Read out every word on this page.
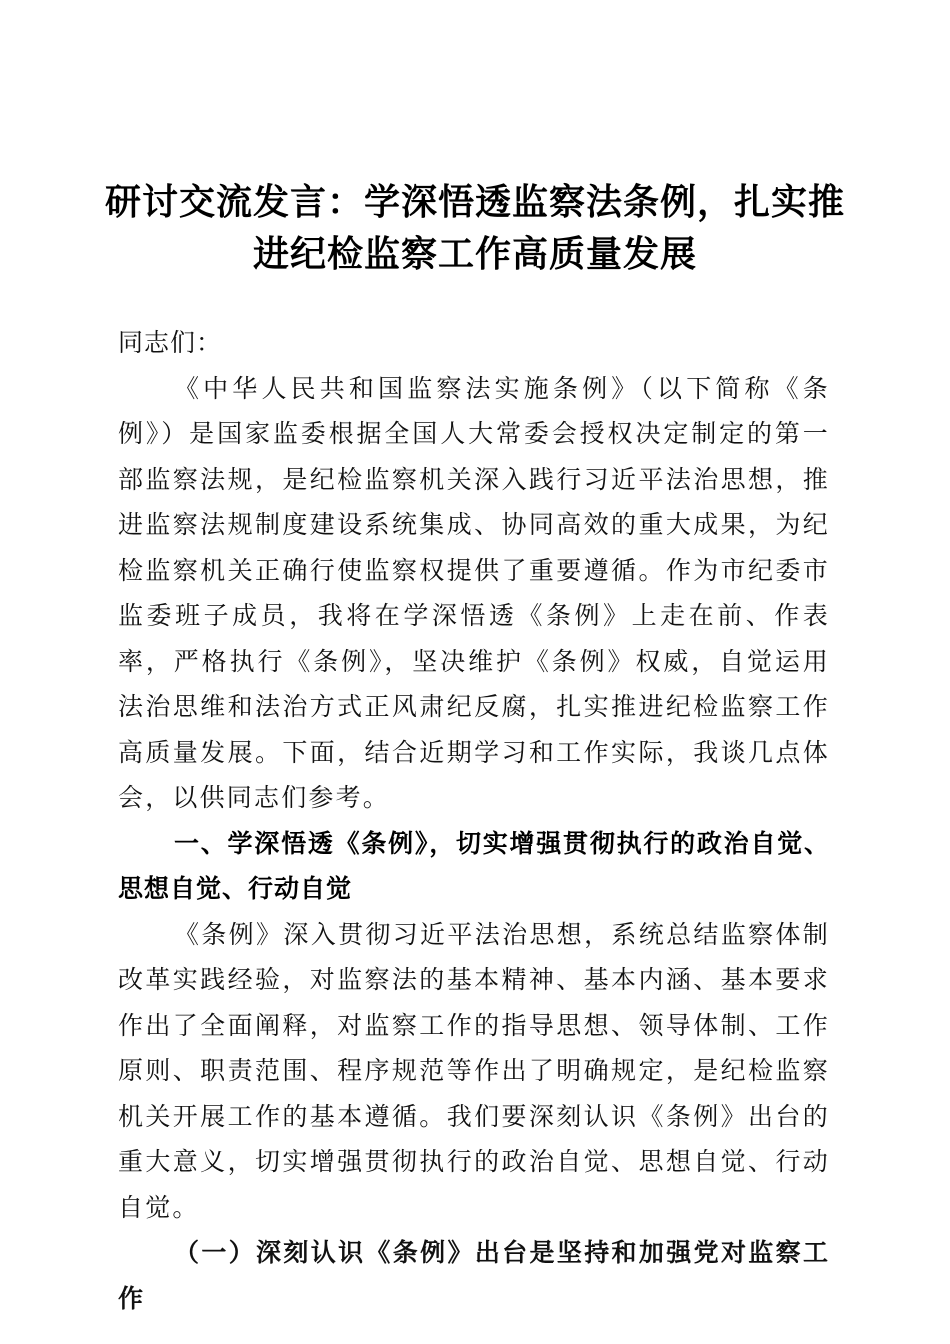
研讨交流发言：学深悟透监察法条例，扎实推进纪检监察工作高质量发展

同志们：

《中华人民共和国监察法实施条例》（以下简称《条例》）是国家监委根据全国人大常委会授权决定制定的第一部监察法规，是纪检监察机关深入践行习近平法治思想，推进监察法规制度建设系统集成、协同高效的重大成果，为纪检监察机关正确行使监察权提供了重要遵循。作为市纪委市监委班子成员，我将在学深悟透《条例》上走在前、作表率，严格执行《条例》，坚决维护《条例》权威，自觉运用法治思维和法治方式正风肃纪反腐，扎实推进纪检监察工作高质量发展。下面，结合近期学习和工作实际，我谈几点体会，以供同志们参考。

一、学深悟透《条例》，切实增强贯彻执行的政治自觉、思想自觉、行动自觉

《条例》深入贯彻习近平法治思想，系统总结监察体制改革实践经验，对监察法的基本精神、基本内涵、基本要求作出了全面阐释，对监察工作的指导思想、领导体制、工作原则、职责范围、程序规范等作出了明确规定，是纪检监察机关开展工作的基本遵循。我们要深刻认识《条例》出台的重大意义，切实增强贯彻执行的政治自觉、思想自觉、行动自觉。

（一）深刻认识《条例》出台是坚持和加强党对监察工作
